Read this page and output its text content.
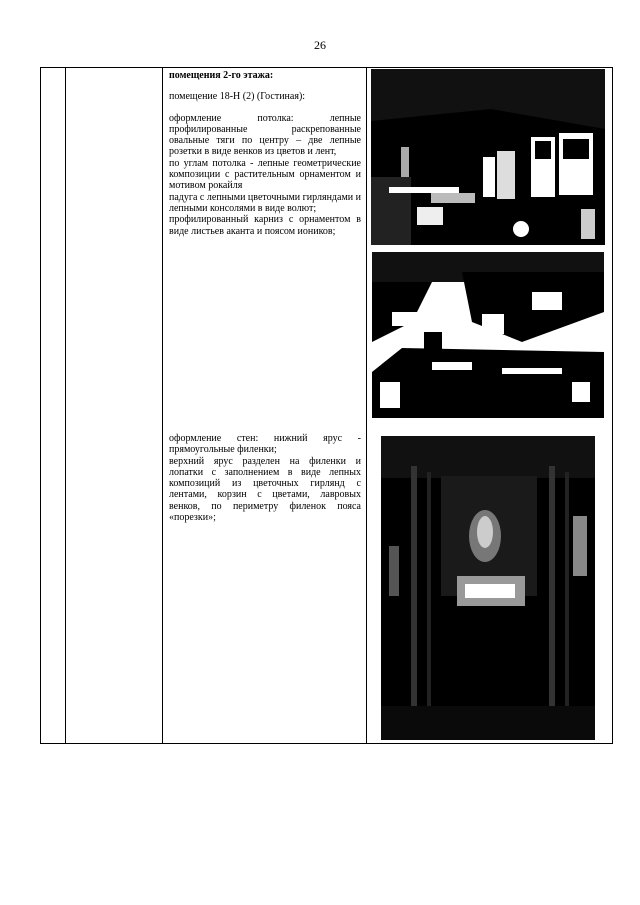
26

помещения 2-го этажа:

помещение 18-Н (2) (Гостиная):

оформление потолка: лепные профилированные раскрепованные овальные тяги по центру – две лепные розетки в виде венков из цветов и лент,

по углам потолка - лепные геометрические композиции с растительным орнаментом и мотивом рокайля

падуга с лепными цветочными гирляндами и лепными консолями в виде волют;

профилированный карниз с орнаментом в виде листьев аканта и поясом иоников;

оформление стен: нижний ярус - прямоугольные филенки;

верхний ярус разделен на филенки и лопатки с заполнением в виде лепных композиций из цветочных гирлянд с лентами, корзин с цветами, лавровых венков, по периметру филенок пояса «порезки»;
